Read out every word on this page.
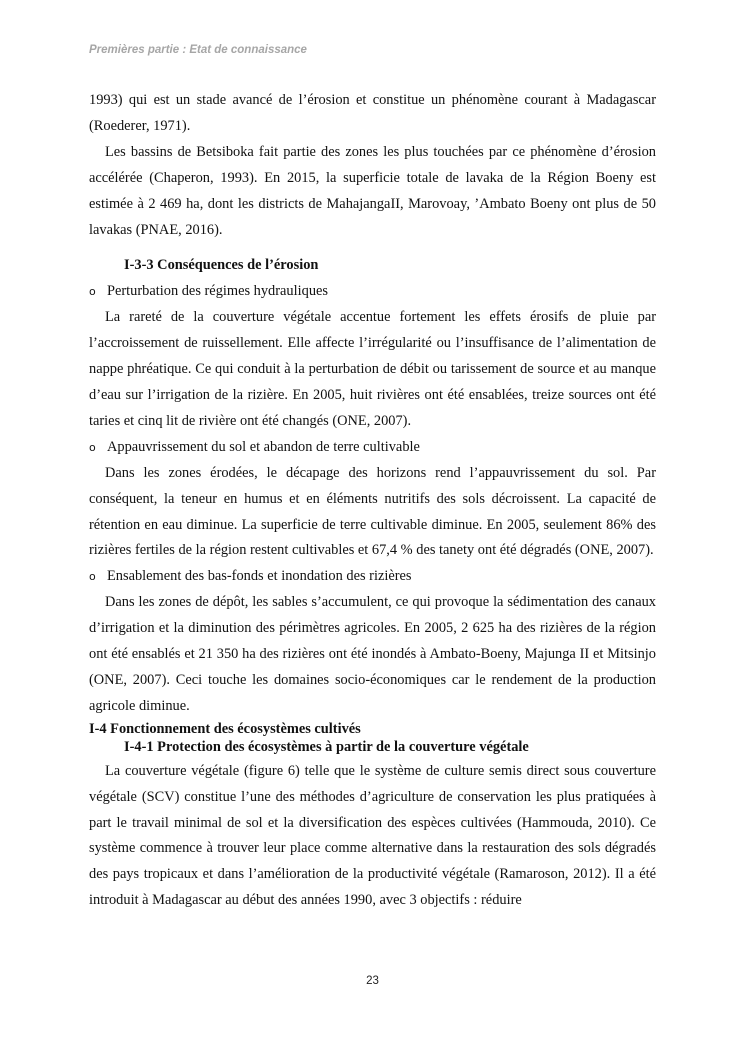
Premières partie : Etat de connaissance

1993) qui est un stade avancé de l’érosion et constitue un phénomène courant à Madagascar (Roederer, 1971).

Les bassins de Betsiboka fait partie des zones les plus touchées par ce phénomène d’érosion accélérée (Chaperon, 1993). En 2015, la superficie totale de lavaka de la Région Boeny est estimée à 2 469 ha, dont les districts de MahajangaII, Marovoay, ’Ambato Boeny ont plus de 50 lavakas (PNAE, 2016).

I-3-3 Conséquences de l’érosion
o Perturbation des régimes hydrauliques

La rareté de la couverture végétale accentue fortement les effets érosifs de pluie par l’accroissement de ruissellement. Elle affecte l’irrégularité ou l’insuffisance de l’alimentation de nappe phréatique. Ce qui conduit à la perturbation de débit ou tarissement de source et au manque d’eau sur l’irrigation de la rizière. En 2005, huit rivières ont été ensablées, treize sources ont été taries et cinq lit de rivière ont été changés (ONE, 2007).

o Appauvrissement du sol et abandon de terre cultivable

Dans les zones érodées, le décapage des horizons rend l’appauvrissement du sol. Par conséquent, la teneur en humus et en éléments nutritifs des sols décroissent. La capacité de rétention en eau diminue. La superficie de terre cultivable diminue. En 2005, seulement 86% des rizières fertiles de la région restent cultivables et 67,4 % des tanety ont été dégradés (ONE, 2007).

o Ensablement des bas-fonds et inondation des rizières

Dans les zones de dépôt, les sables s’accumulent, ce qui provoque la sédimentation des canaux d’irrigation et la diminution des périmètres agricoles. En 2005, 2 625 ha des rizières de la région ont été ensablés et 21 350 ha des rizières ont été inondés à Ambato-Boeny, Majunga II et Mitsinjo (ONE, 2007). Ceci touche les domaines socio-économiques car le rendement de la production agricole diminue.

I-4 Fonctionnement des écosystèmes cultivés
I-4-1 Protection des écosystèmes à partir de la couverture végétale

La couverture végétale (figure 6) telle que le système de culture semis direct sous couverture végétale (SCV) constitue l’une des méthodes d’agriculture de conservation les plus pratiquées à part le travail minimal de sol et la diversification des espèces cultivées (Hammouda, 2010). Ce système commence à trouver leur place comme alternative dans la restauration des sols dégradés des pays tropicaux et dans l’amélioration de la productivité végétale (Ramaroson, 2012). Il a été introduit à Madagascar au début des années 1990, avec 3 objectifs : réduire

23
